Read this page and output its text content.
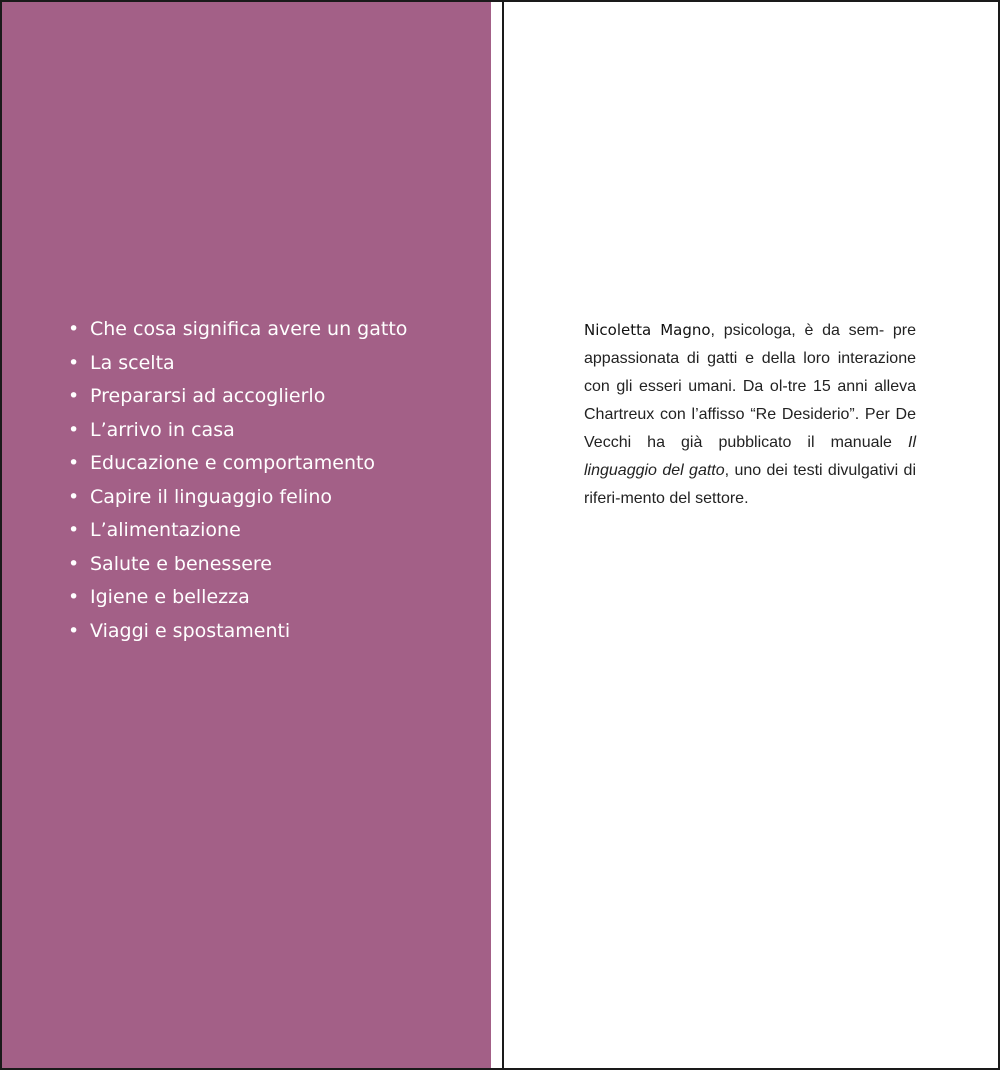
• Che cosa significa avere un gatto
• La scelta
• Prepararsi ad accoglierlo
• L’arrivo in casa
• Educazione e comportamento
• Capire il linguaggio felino
• L’alimentazione
• Salute e benessere
• Igiene e bellezza
• Viaggi e spostamenti

Nicoletta Magno, psicologa, è da sem- pre appassionata di gatti e della loro interazione con gli esseri umani. Da ol-tre 15 anni alleva Chartreux con l’affisso “Re Desiderio”. Per De Vecchi ha già pubblicato il manuale Il linguaggio del gatto, uno dei testi divulgativi di riferi-mento del settore.
